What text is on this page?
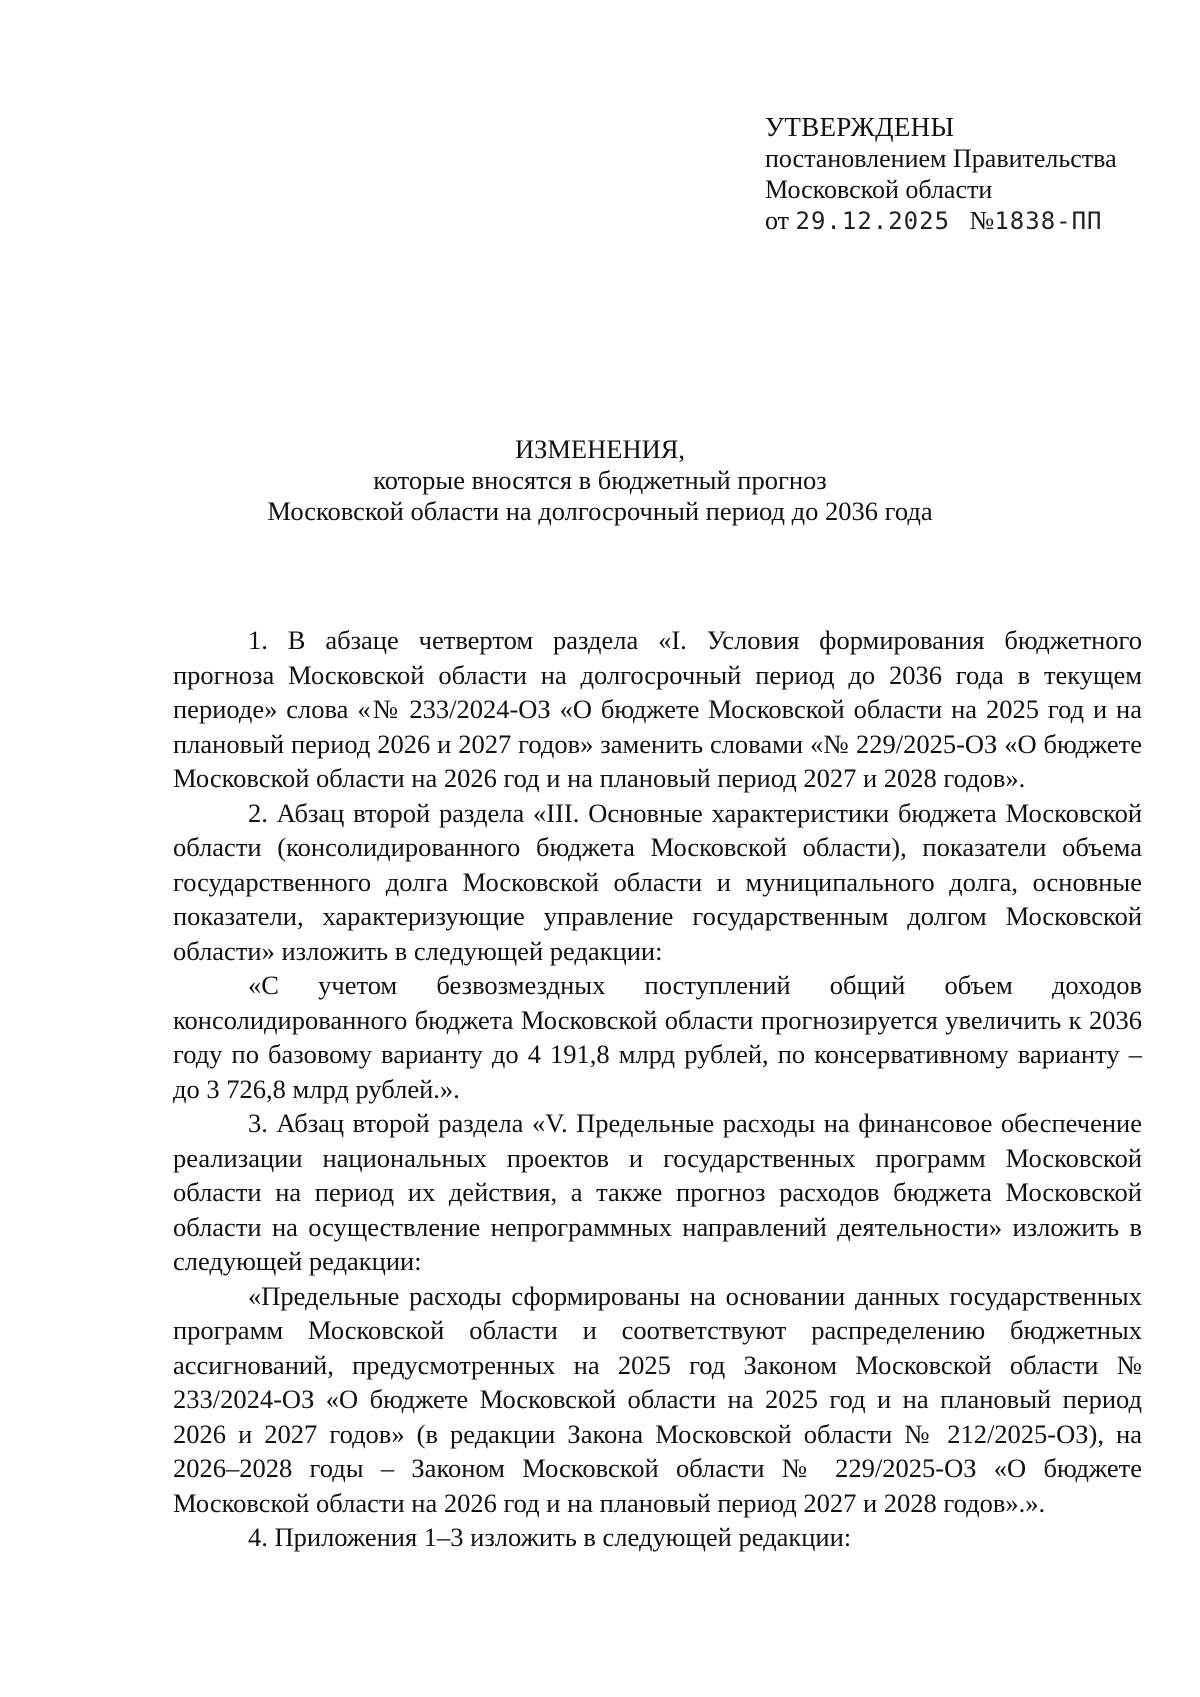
УТВЕРЖДЕНЫ
постановлением Правительства
Московской области
от 29.12.2025 №1838-ПП
ИЗМЕНЕНИЯ,
которые вносятся в бюджетный прогноз
Московской области на долгосрочный период до 2036 года

1. В абзаце четвертом раздела «I. Условия формирования бюджетного прогноза Московской области на долгосрочный период до 2036 года в текущем периоде» слова «№ 233/2024-ОЗ «О бюджете Московской области на 2025 год и на плановый период 2026 и 2027 годов» заменить словами «№ 229/2025-ОЗ «О бюджете Московской области на 2026 год и на плановый период 2027 и 2028 годов».

2. Абзац второй раздела «III. Основные характеристики бюджета Московской области (консолидированного бюджета Московской области), показатели объема государственного долга Московской области и муниципального долга, основные показатели, характеризующие управление государственным долгом Московской области» изложить в следующей редакции:

«С учетом безвозмездных поступлений общий объем доходов консолидированного бюджета Московской области прогнозируется увеличить к 2036 году по базовому варианту до 4 191,8 млрд рублей, по консервативному варианту – до 3 726,8 млрд рублей.».

3. Абзац второй раздела «V. Предельные расходы на финансовое обеспечение реализации национальных проектов и государственных программ Московской области на период их действия, а также прогноз расходов бюджета Московской области на осуществление непрограммных направлений деятельности» изложить в следующей редакции:

«Предельные расходы сформированы на основании данных государственных программ Московской области и соответствуют распределению бюджетных ассигнований, предусмотренных на 2025 год Законом Московской области № 233/2024-ОЗ «О бюджете Московской области на 2025 год и на плановый период 2026 и 2027 годов» (в редакции Закона Московской области № 212/2025-ОЗ), на 2026–2028 годы – Законом Московской области № 229/2025-ОЗ «О бюджете Московской области на 2026 год и на плановый период 2027 и 2028 годов».».

4. Приложения 1–3 изложить в следующей редакции:
